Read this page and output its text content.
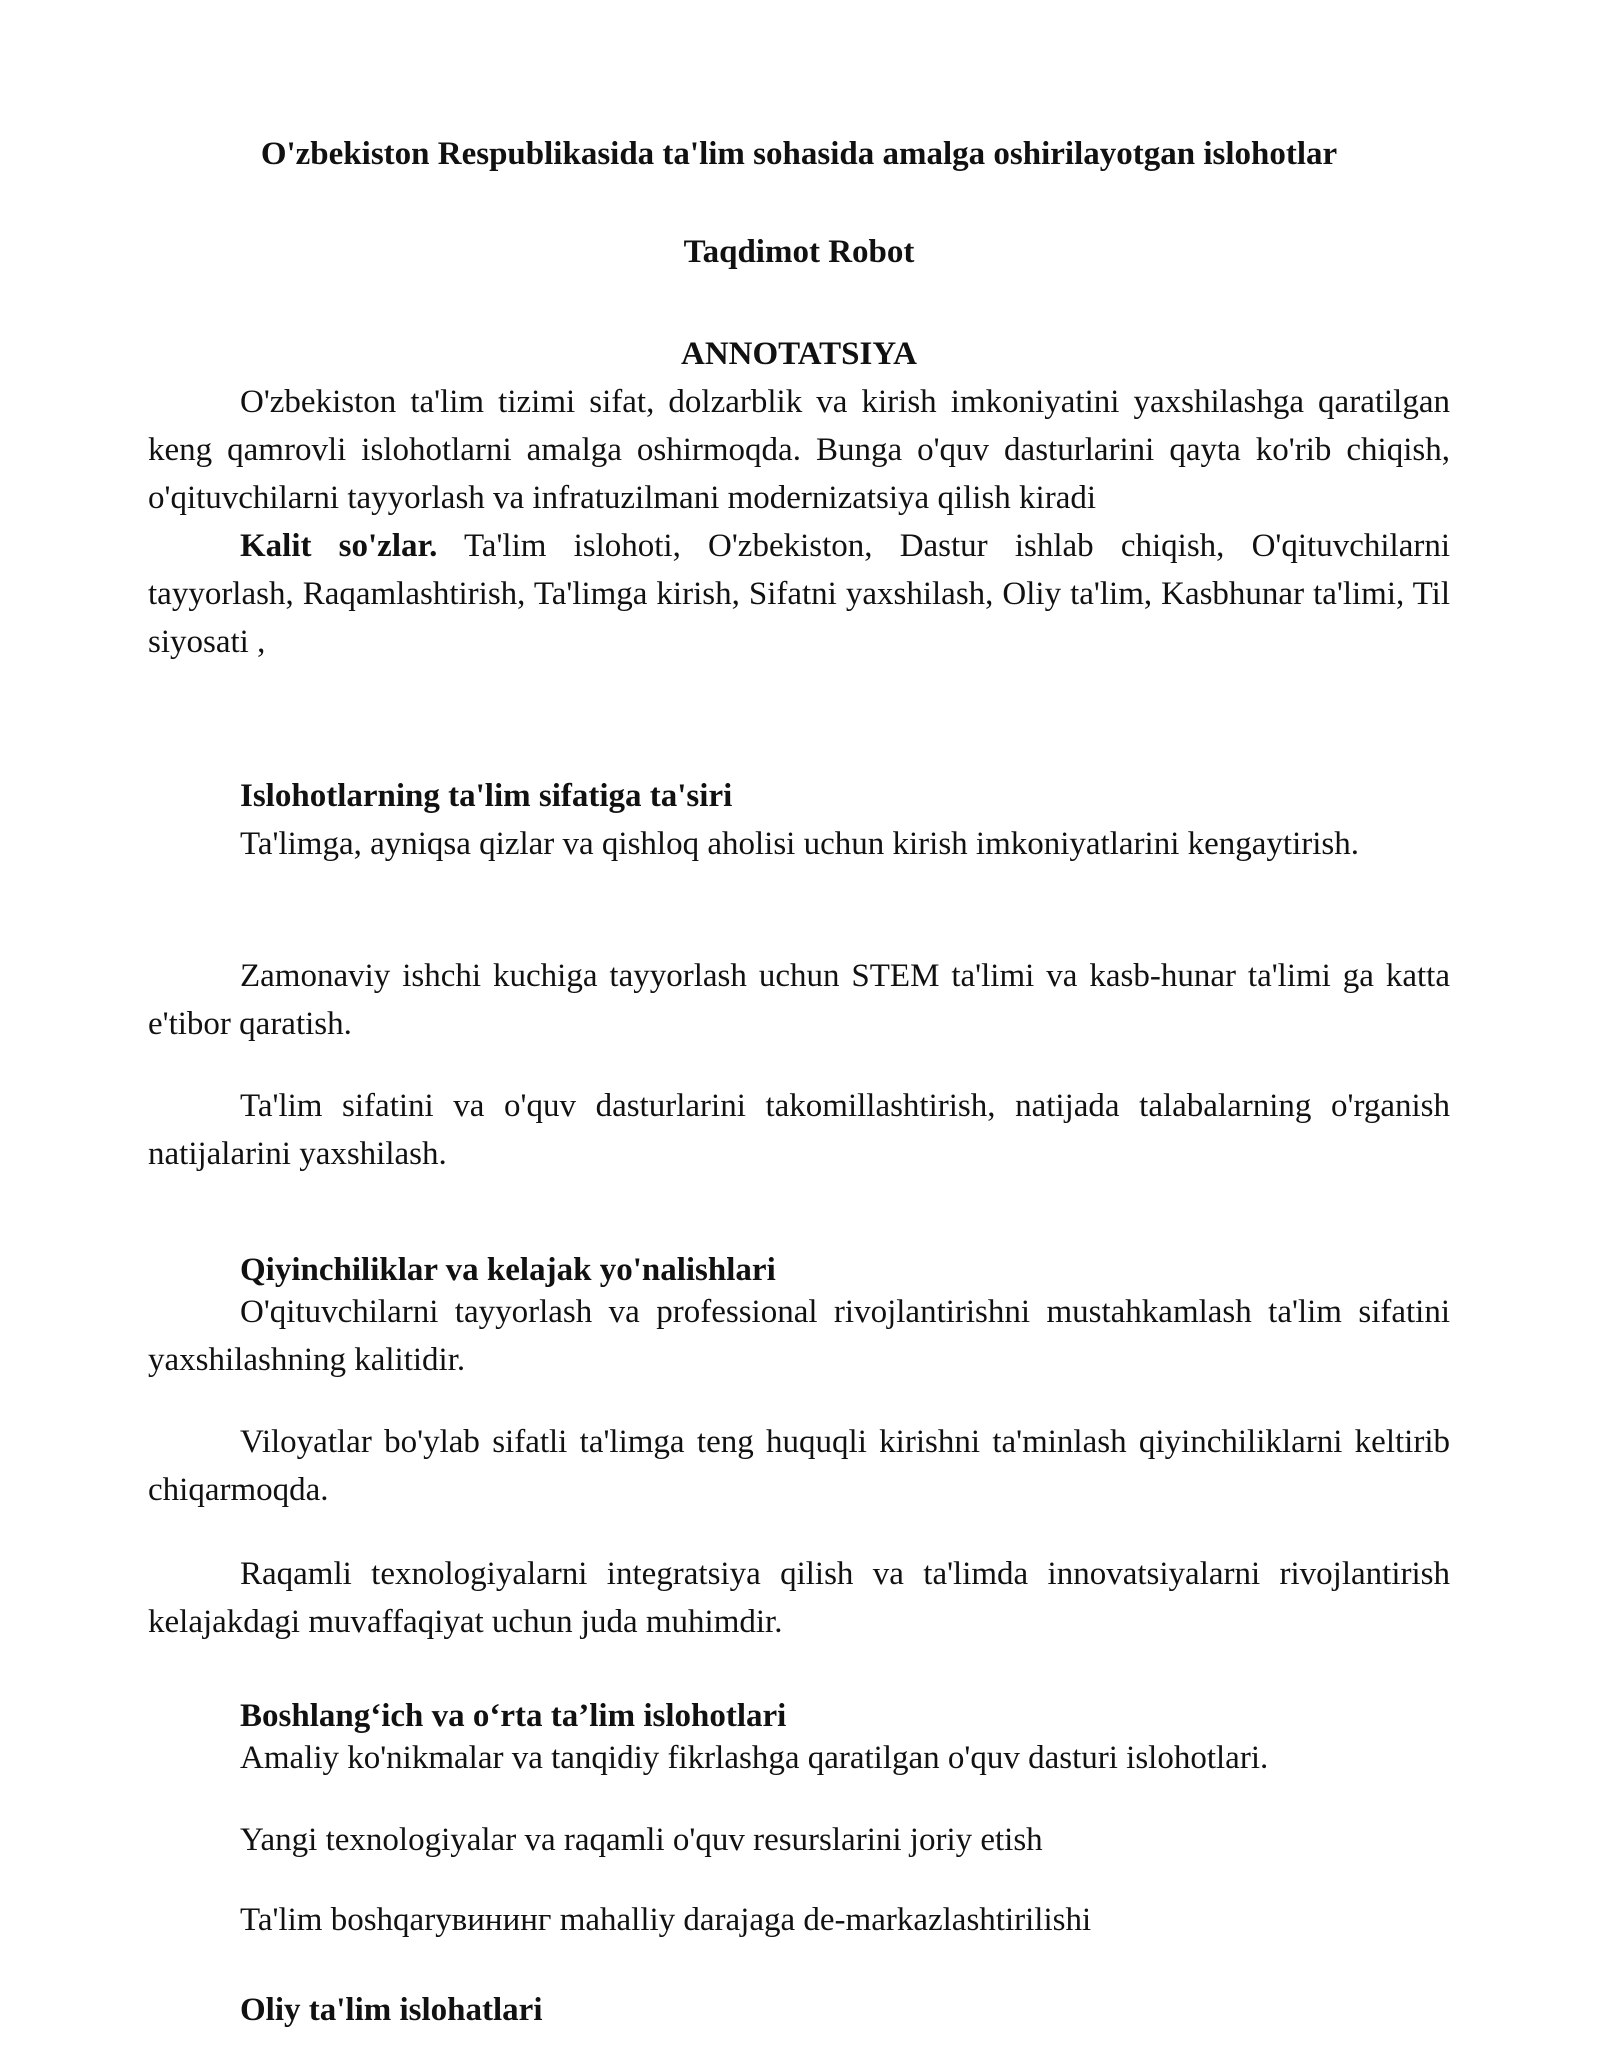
O'zbekiston Respublikasida ta'lim sohasida amalga oshirilayotgan islohotlar
Taqdimot Robot
ANNOTATSIYA

O'zbekiston ta'lim tizimi sifat, dolzarblik va kirish imkoniyatini yaxshilashga qaratilgan keng qamrovli islohotlarni amalga oshirmoqda. Bunga o'quv dasturlarini qayta ko'rib chiqish, o'qituvchilarni tayyorlash va infratuzilmani modernizatsiya qilish kiradi

Kalit so'zlar. Ta'lim islohoti, O'zbekiston, Dastur ishlab chiqish, O'qituvchilarni tayyorlash, Raqamlashtirish, Ta'limga kirish, Sifatni yaxshilash, Oliy ta'lim, Kasbhunar ta'limi, Til siyosati ,

Islohotlarning ta'lim sifatiga ta'siri

Ta'limga, ayniqsa qizlar va qishloq aholisi uchun kirish imkoniyatlarini kengaytirish.

Zamonaviy ishchi kuchiga tayyorlash uchun STEM ta'limi va kasb-hunar ta'limi ga katta e'tibor qaratish.

Ta'lim sifatini va o'quv dasturlarini takomillashtirish, natijada talabalarning o'rganish natijalarini yaxshilash.

Qiyinchiliklar va kelajak yo'nalishlari

O'qituvchilarni tayyorlash va professional rivojlantirishni mustahkamlash ta'lim sifatini yaxshilashning kalitidir.

Viloyatlar bo'ylab sifatli ta'limga teng huquqli kirishni ta'minlash qiyinchiliklarni keltirib chiqarmoqda.

Raqamli texnologiyalarni integratsiya qilish va ta'limda innovatsiyalarni rivojlantirish kelajakdagi muvaffaqiyat uchun juda muhimdir.

Boshlang‘ich va o‘rta ta’lim islohotlari

Amaliy ko'nikmalar va tanqidiy fikrlashga qaratilgan o'quv dasturi islohotlari.

Yangi texnologiyalar va raqamli o'quv resurslarini joriy etish

Ta'lim boshqarувининг mahalliy darajaga de-markazlashtirilishi

Oliy ta'lim islohatlari
